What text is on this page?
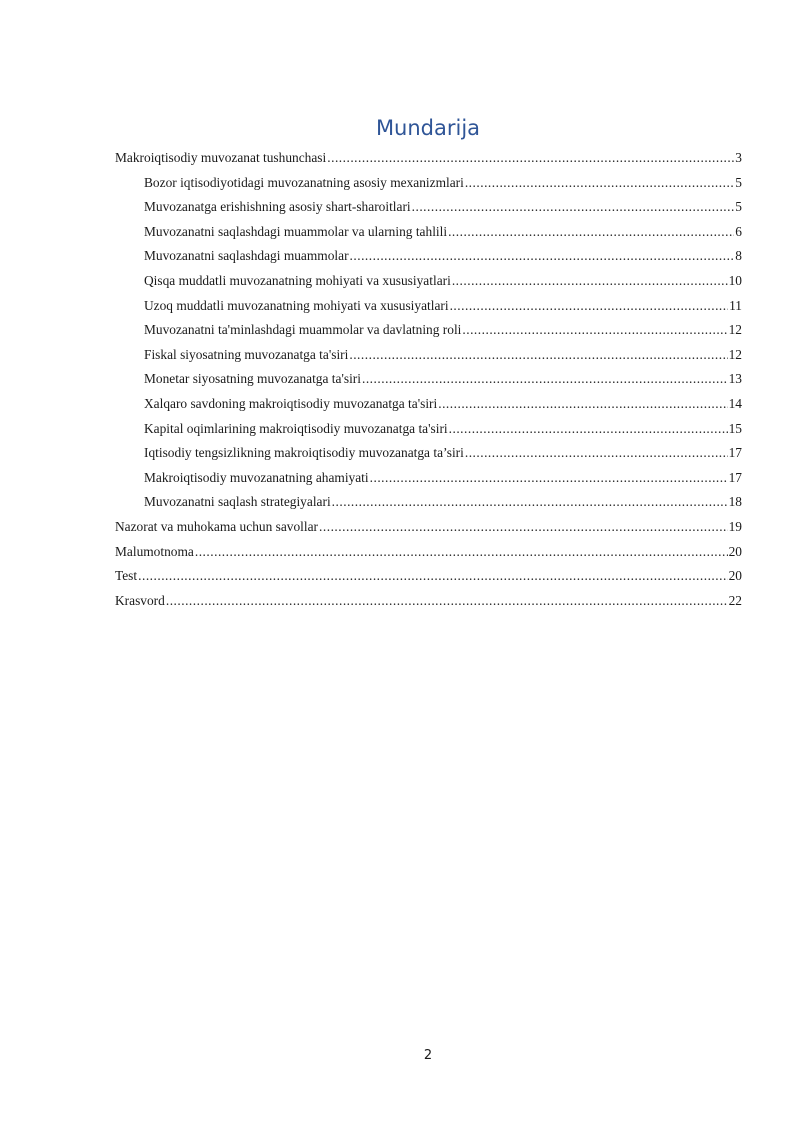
Mundarija
Makroiqtisodiy muvozanat tushunchasi .....	3
Bozor iqtisodiyotidagi muvozanatning asosiy mexanizmlari .....	5
Muvozanatga erishishning asosiy shart-sharoitlari .....	5
Muvozanatni saqlashdagi muammolar va ularning tahlili .....	6
Muvozanatni saqlashdagi muammolar .....	8
Qisqa muddatli muvozanatning mohiyati va xususiyatlari .....	10
Uzoq muddatli muvozanatning mohiyati va xususiyatlari .....	11
Muvozanatni ta'minlashdagi muammolar va davlatning roli .....	12
Fiskal siyosatning muvozanatga ta'siri .....	12
Monetar siyosatning muvozanatga ta'siri .....	13
Xalqaro savdoning makroiqtisodiy muvozanatga ta'siri .....	14
Kapital oqimlarining makroiqtisodiy muvozanatga ta'siri .....	15
Iqtisodiy tengsizlikning makroiqtisodiy muvozanatga ta’siri .....	17
Makroiqtisodiy muvozanatning ahamiyati .....	17
Muvozanatni saqlash strategiyalari .....	18
Nazorat va muhokama uchun savollar .....	19
Malumotnoma .....	20
Test .....	20
Krasvord .....	22
2
